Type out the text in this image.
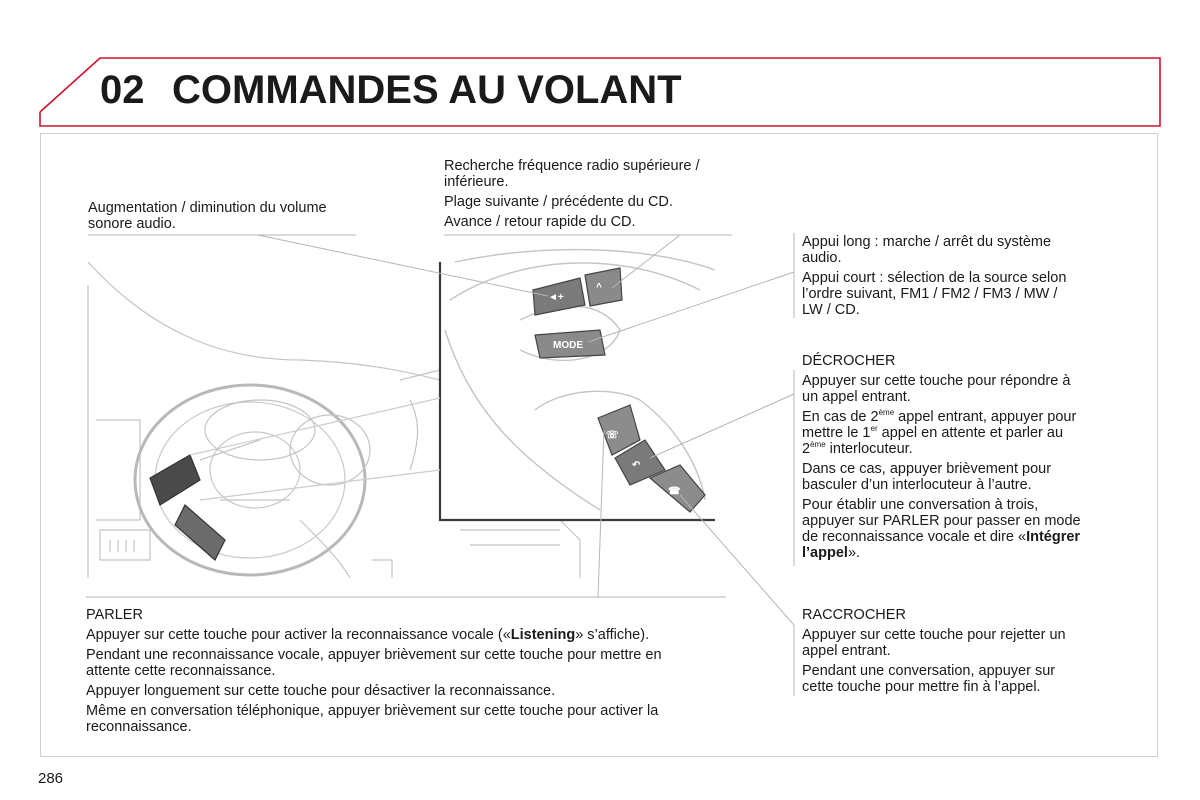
02 COMMANDES AU VOLANT
◄+
^
MODE
☏
↶
☎
Augmentation / diminution du volume
sonore audio.

Recherche fréquence radio supérieure /
inférieure.

Plage suivante / précédente du CD.

Avance / retour rapide du CD.

Appui long : marche / arrêt du système
audio.

Appui court : sélection de la source selon
l’ordre suivant, FM1 / FM2 / FM3 / MW /
LW / CD.

DÉCROCHER

Appuyer sur cette touche pour répondre à
un appel entrant.

En cas de 2ème appel entrant, appuyer pour
mettre le 1er appel en attente et parler au
2ème interlocuteur.

Dans ce cas, appuyer brièvement pour
basculer d’un interlocuteur à l’autre.

Pour établir une conversation à trois,
appuyer sur PARLER pour passer en mode
de reconnaissance vocale et dire «Intégrer
l’appel».

PARLER

Appuyer sur cette touche pour activer la reconnaissance vocale («Listening» s’affiche).

Pendant une reconnaissance vocale, appuyer brièvement sur cette touche pour mettre en
attente cette reconnaissance.

Appuyer longuement sur cette touche pour désactiver la reconnaissance.

Même en conversation téléphonique, appuyer brièvement sur cette touche pour activer la
reconnaissance.

RACCROCHER

Appuyer sur cette touche pour rejetter un
appel entrant.

Pendant une conversation, appuyer sur
cette touche pour mettre fin à l’appel.

286
